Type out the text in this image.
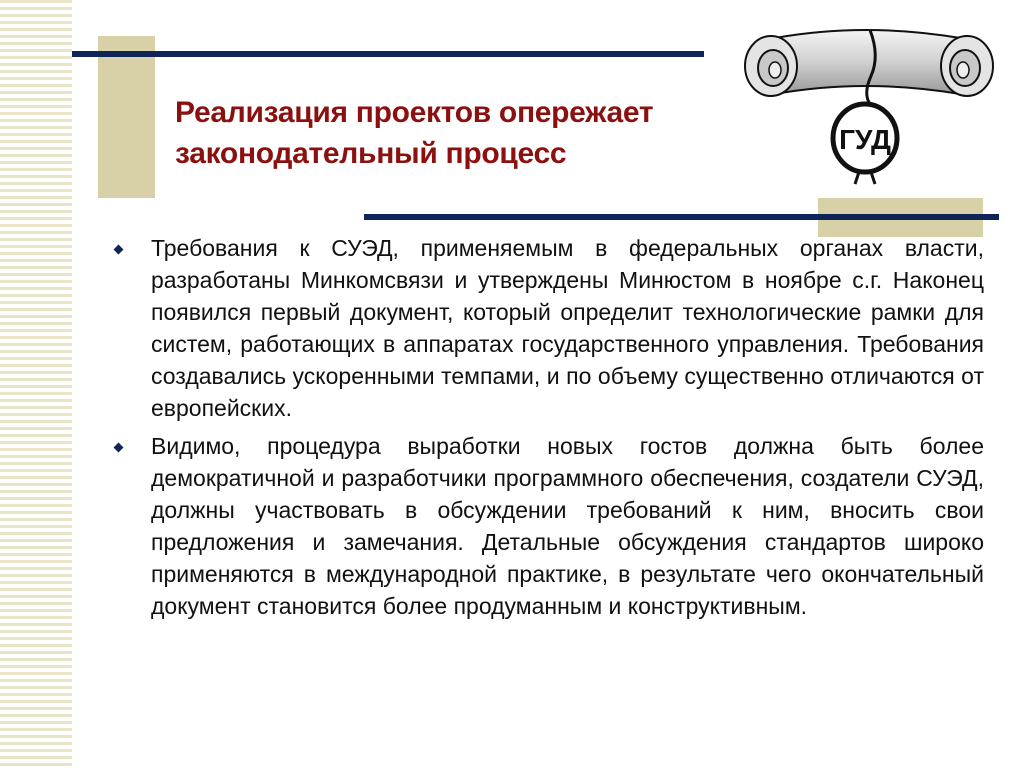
Реализация проектов опережает
законодательный процесс	ГУД
Требования к СУЭД, применяемым в федеральных органах власти, разработаны Минкомсвязи и утверждены Минюстом в ноябре с.г. Наконец появился первый документ, который определит технологические рамки для систем, работающих в аппаратах государственного управления. Требования создавались ускоренными темпами, и по объему существенно отличаются от европейских.
Видимо, процедура выработки новых гостов должна быть более демократичной и разработчики программного обеспечения, создатели СУЭД, должны участвовать в обсуждении требований к ним, вносить свои предложения и замечания. Детальные обсуждения стандартов широко применяются в международной практике, в результате чего окончательный документ становится более продуманным и конструктивным.
